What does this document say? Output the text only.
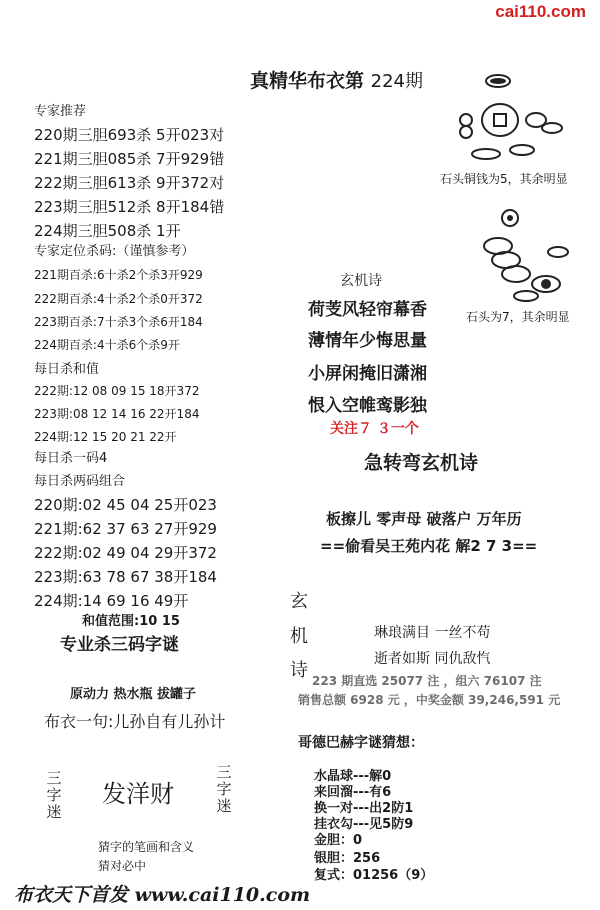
cai110.com
真精华布衣第 224期
专家推荐
220期三胆693杀 5开023对
221期三胆085杀 7开929错
222期三胆613杀 9开372对
223期三胆512杀 8开184错
224期三胆508杀 1开
专家定位杀码:（谨慎参考）
221期百杀:6十杀2个杀3开929
222期百杀:4十杀2个杀0开372
223期百杀:7十杀3个杀6开184
224期百杀:4十杀6个杀9开
每日杀和值
222期:12 08 09 15 18开372
223期:08 12 14 16 22开184
224期:12 15 20 21 22开
每日杀一码4
每日杀两码组合
220期:02 45 04 25开023
221期:62 37 63 27开929
222期:02 49 04 29开372
223期:63 78 67 38开184
224期:14 69 16 49开
和值范围:10 15
专业杀三码字谜
原动力 热水瓶 拔罐子
布衣一句:儿孙自有儿孙计
三字迷
发洋财
三字迷
猜字的笔画和含义
猜对必中
石头铜钱为5，其余明显
石头为7，其余明显
玄机诗
荷芰风轻帘幕香
薄情年少悔思量
小屏闲掩旧潇湘
恨入空帷鸾影独
关注７ ３一个
急转弯玄机诗
板擦儿 零声母 破落户 万年历
==偷看吴王苑内花 解2 7 3==
玄
机
诗
琳琅满目 一丝不苟
逝者如斯 同仇敌忾
223 期直选 25077 注 ，组六 76107 注
销售总额 6928 元 ，中奖金额 39,246,591 元
哥德巴赫字谜猜想：
水晶球---解0
来回溜---有6
换一对---出2防1
挂衣勾---见5防9
金胆：0
银胆：256
复式：01256（9）
布衣天下首发 www.cai110.com
